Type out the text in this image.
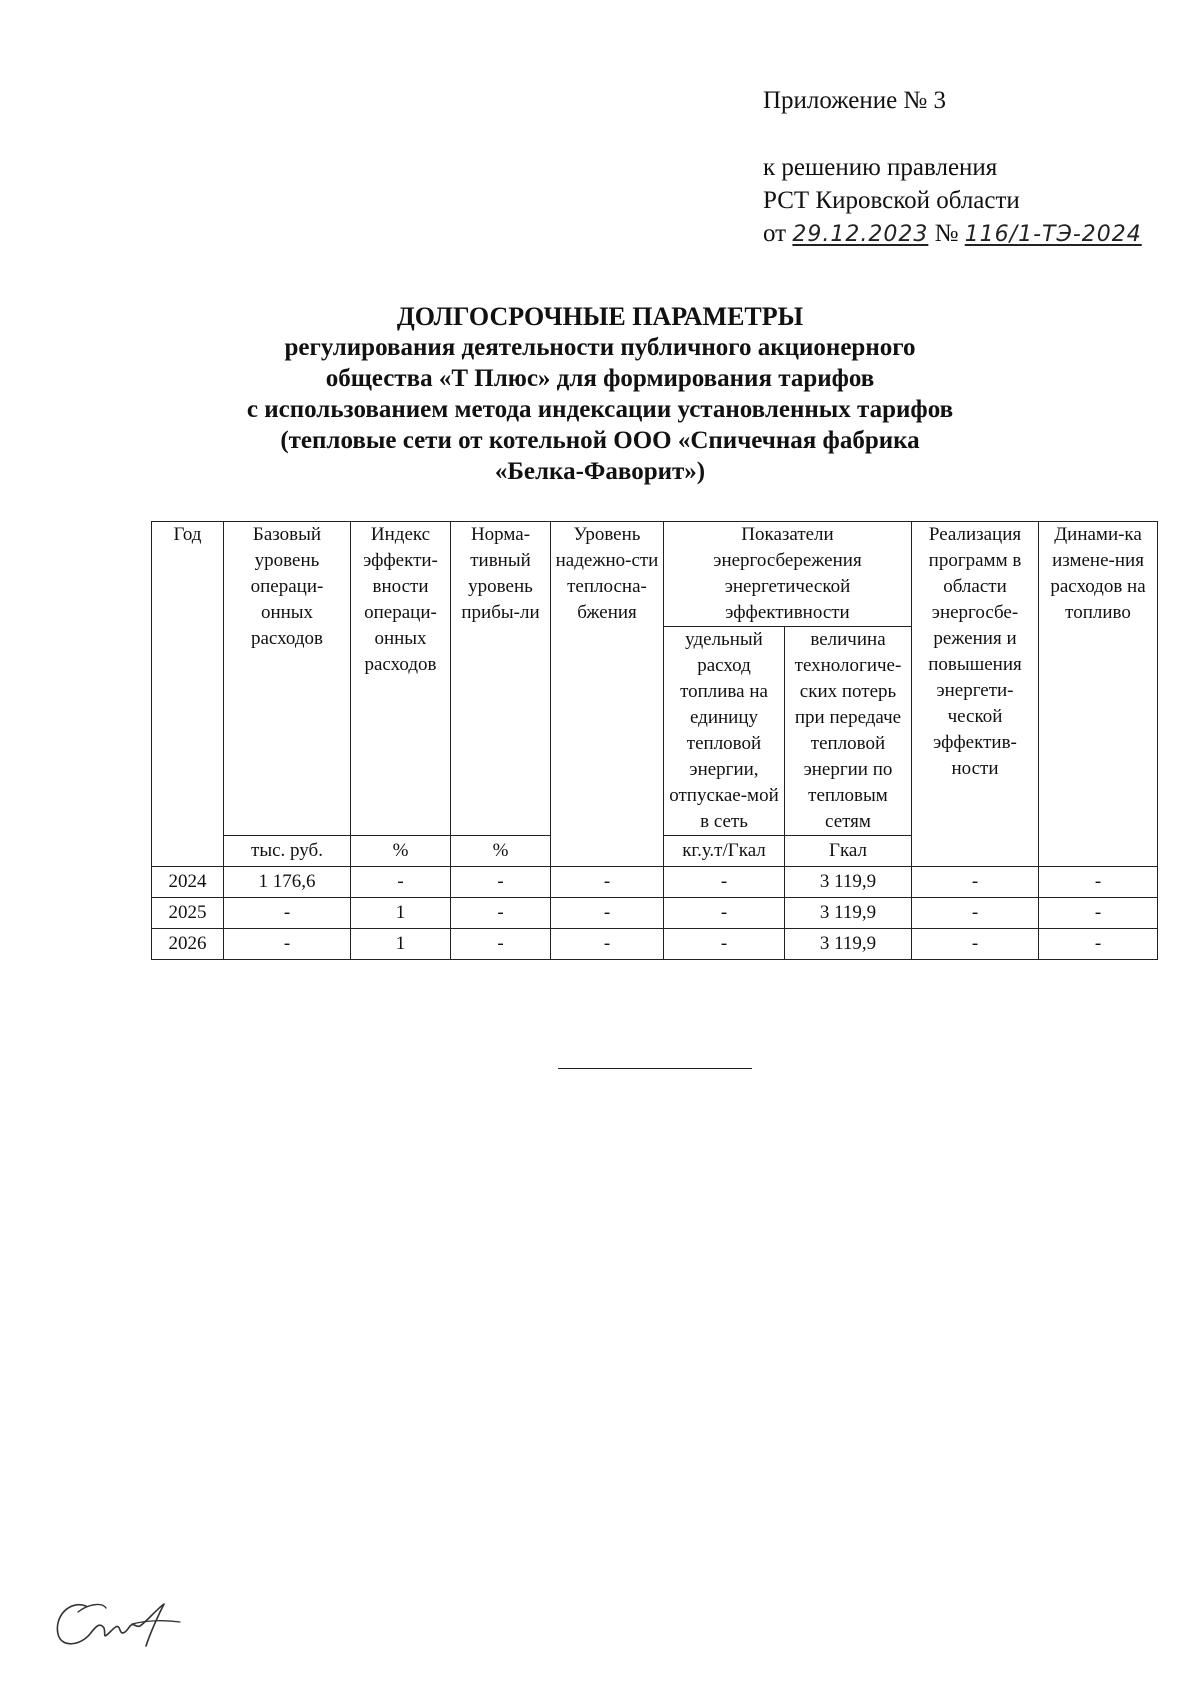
Приложение № 3
к решению правления
РСТ Кировской области
от 29.12.2023 № 116/1-ТЭ-2024
ДОЛГОСРОЧНЫЕ ПАРАМЕТРЫ
регулирования деятельности публичного акционерного
общества «Т Плюс» для формирования тарифов
с использованием метода индексации установленных тарифов
(тепловые сети от котельной ООО «Спичечная фабрика
«Белка-Фаворит»)
Год	Базовый уровень операци-онных расходов	Индекс эффекти-вности операци-онных расходов	Норма-тивный уровень прибы-ли	Уровень надежно-сти теплосна-бжения	Показатели энергосбережения энергетической эффективности		Реализация программ в области энергосбе-режения и повышения энергети-ческой эффектив-ности	Динами-ка измене-ния расходов на топливо
					удельный расход топлива на единицу тепловой энергии, отпускае-мой в сеть	величина технологиче-ских потерь при передаче тепловой энергии по тепловым сетям		
	тыс. руб.	%	%		кг.у.т/Гкал	Гкал		
2024	1 176,6	-	-	-	-	3 119,9	-	-
2025	-	1	-	-	-	3 119,9	-	-
2026	-	1	-	-	-	3 119,9	-	-
